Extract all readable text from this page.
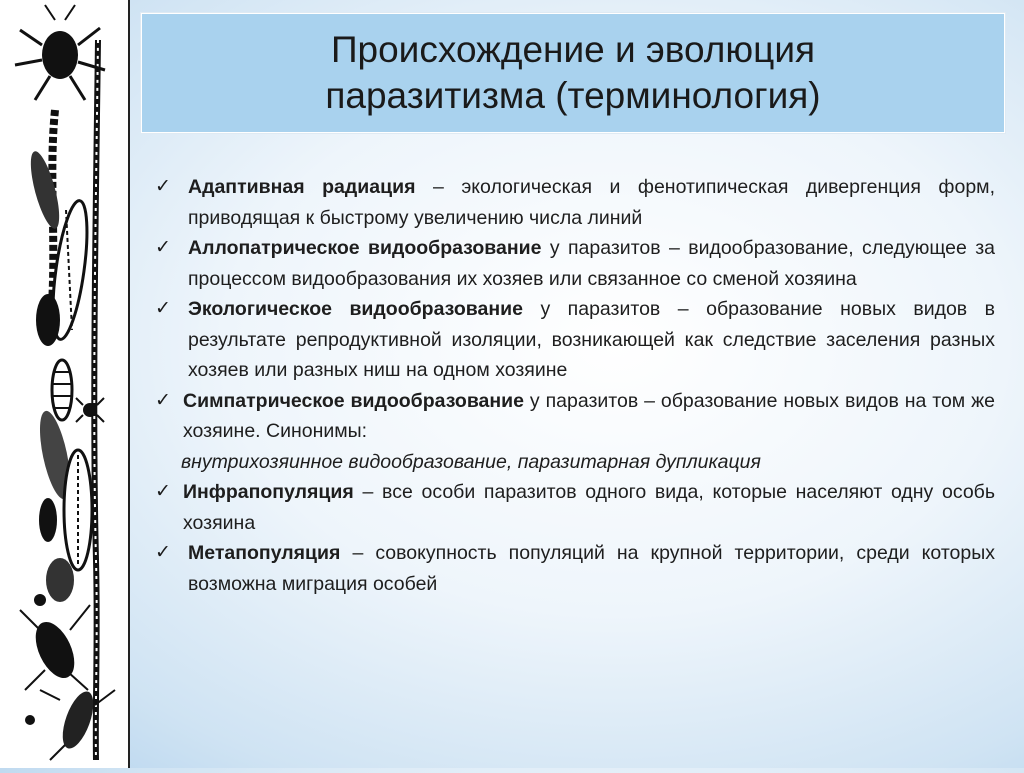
Происхождение и эволюция
паразитизма (терминология)
✓ Адаптивная радиация – экологическая и фенотипическая дивергенция форм, приводящая к быстрому увеличению числа линий
✓ Аллопатрическое видообразование у паразитов – видообразование, следующее за процессом видообразования их хозяев или связанное со сменой хозяина
✓ Экологическое видообразование у паразитов – образование новых видов в результате репродуктивной изоляции, возникающей как следствие заселения разных хозяев или разных ниш на одном хозяине
✓ Симпатрическое видообразование у паразитов – образование новых видов на том же хозяине. Синонимы:
внутрихозяинное видообразование, паразитарная дупликация
✓ Инфрапопуляция – все особи паразитов одного вида, которые населяют одну особь хозяина
✓ Метапопуляция – совокупность популяций на крупной территории, среди которых возможна миграция особей
